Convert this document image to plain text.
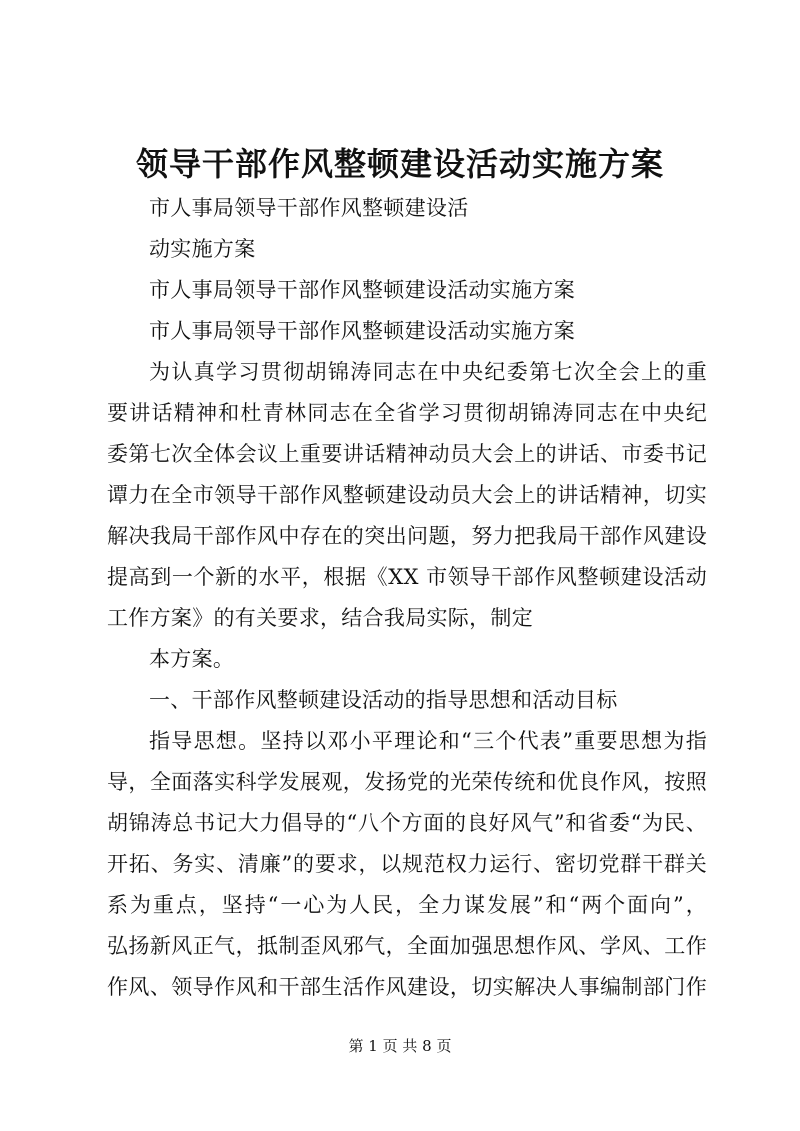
领导干部作风整顿建设活动实施方案
市人事局领导干部作风整顿建设活
动实施方案
市人事局领导干部作风整顿建设活动实施方案
市人事局领导干部作风整顿建设活动实施方案
为认真学习贯彻胡锦涛同志在中央纪委第七次全会上的重
要讲话精神和杜青林同志在全省学习贯彻胡锦涛同志在中央纪
委第七次全体会议上重要讲话精神动员大会上的讲话、市委书记
谭力在全市领导干部作风整顿建设动员大会上的讲话精神，切实
解决我局干部作风中存在的突出问题，努力把我局干部作风建设
提高到一个新的水平，根据《XX 市领导干部作风整顿建设活动
工作方案》的有关要求，结合我局实际，制定
本方案。
一、干部作风整顿建设活动的指导思想和活动目标
指导思想。坚持以邓小平理论和“三个代表”重要思想为指
导，全面落实科学发展观，发扬党的光荣传统和优良作风，按照
胡锦涛总书记大力倡导的“八个方面的良好风气”和省委“为民、
开拓、务实、清廉”的要求，以规范权力运行、密切党群干群关
系为重点，坚持“一心为人民，全力谋发展”和“两个面向”，
弘扬新风正气，抵制歪风邪气，全面加强思想作风、学风、工作
作风、领导作风和干部生活作风建设，切实解决人事编制部门作
第 1 页 共 8 页
